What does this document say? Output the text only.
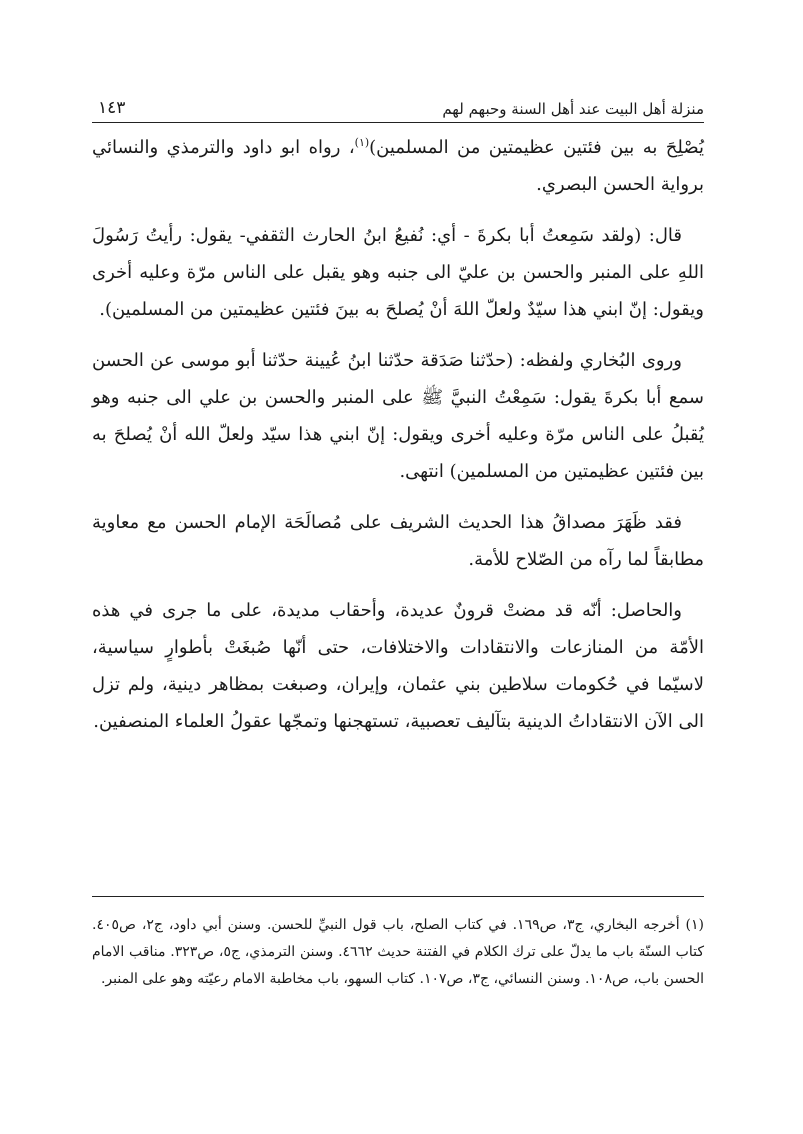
منزلة أهل البيت عند أهل السنة وحبهم لهم
١٤٣

يُصْلِحَ به بين فئتين عظيمتين من المسلمين)$^{(١)}$، رواه ابو داود والترمذي والنسائي برواية الحسن البصري.

قال: (ولقد سَمِعتُ أبا بكرةَ - أي: نُفيعُ ابنُ الحارث الثقفي- يقول: رأيتُ رَسُولَ اللهِ على المنبر والحسن بن عليّ الى جنبه وهو يقبل على الناس مرّة وعليه أخرى ويقول: إنّ ابني هذا سيّدٌ ولعلّ اللهَ أنْ يُصلحَ به بينَ فئتين عظيمتين من المسلمين).

وروى البُخاري ولفظه: (حدّثنا صَدَقة حدّثنا ابنُ عُيينة حدّثنا أبو موسى عن الحسن سمع أبا بكرةَ يقول: سَمِعْتُ النبيَّ ﷺ على المنبر والحسن بن علي الى جنبه وهو يُقبلُ على الناس مرّة وعليه أخرى ويقول: إنّ ابني هذا سيّد ولعلّ الله أنْ يُصلحَ به بين فئتين عظيمتين من المسلمين) انتهى.

فقد ظَهَرَ مصداقُ هذا الحديث الشريف على مُصالَحَة الإمام الحسن مع معاوية مطابقاً لما رآه من الصّلاح للأمة.

والحاصل: أنّه قد مضتْ قرونٌ عديدة، وأحقاب مديدة، على ما جرى في هذه الأمّة من المنازعات والانتقادات والاختلافات، حتى أنّها صُبغَتْ بأطوارٍ سياسية، لاسيّما في حُكومات سلاطين بني عثمان، وإيران، وصبغت بمظاهر دينية، ولم تزل الى الآن الانتقاداتُ الدينية بتآليف تعصبية، تستهجنها وتمجّها عقولُ العلماء المنصفين.

(١) أخرجه البخاري، ج٣، ص١٦٩. في كتاب الصلح، باب قول النبيِّ للحسن. وسنن أبي داود، ج٢، ص٤٠٥. كتاب السنّة باب ما يدلّ على ترك الكلام في الفتنة حديث ٤٦٦٢. وسنن الترمذي، ج٥، ص٣٢٣. مناقب الامام الحسن باب، ص١٠٨. وسنن النسائي، ج٣، ص١٠٧. كتاب السهو، باب مخاطبة الامام رعيّته وهو على المنبر.
